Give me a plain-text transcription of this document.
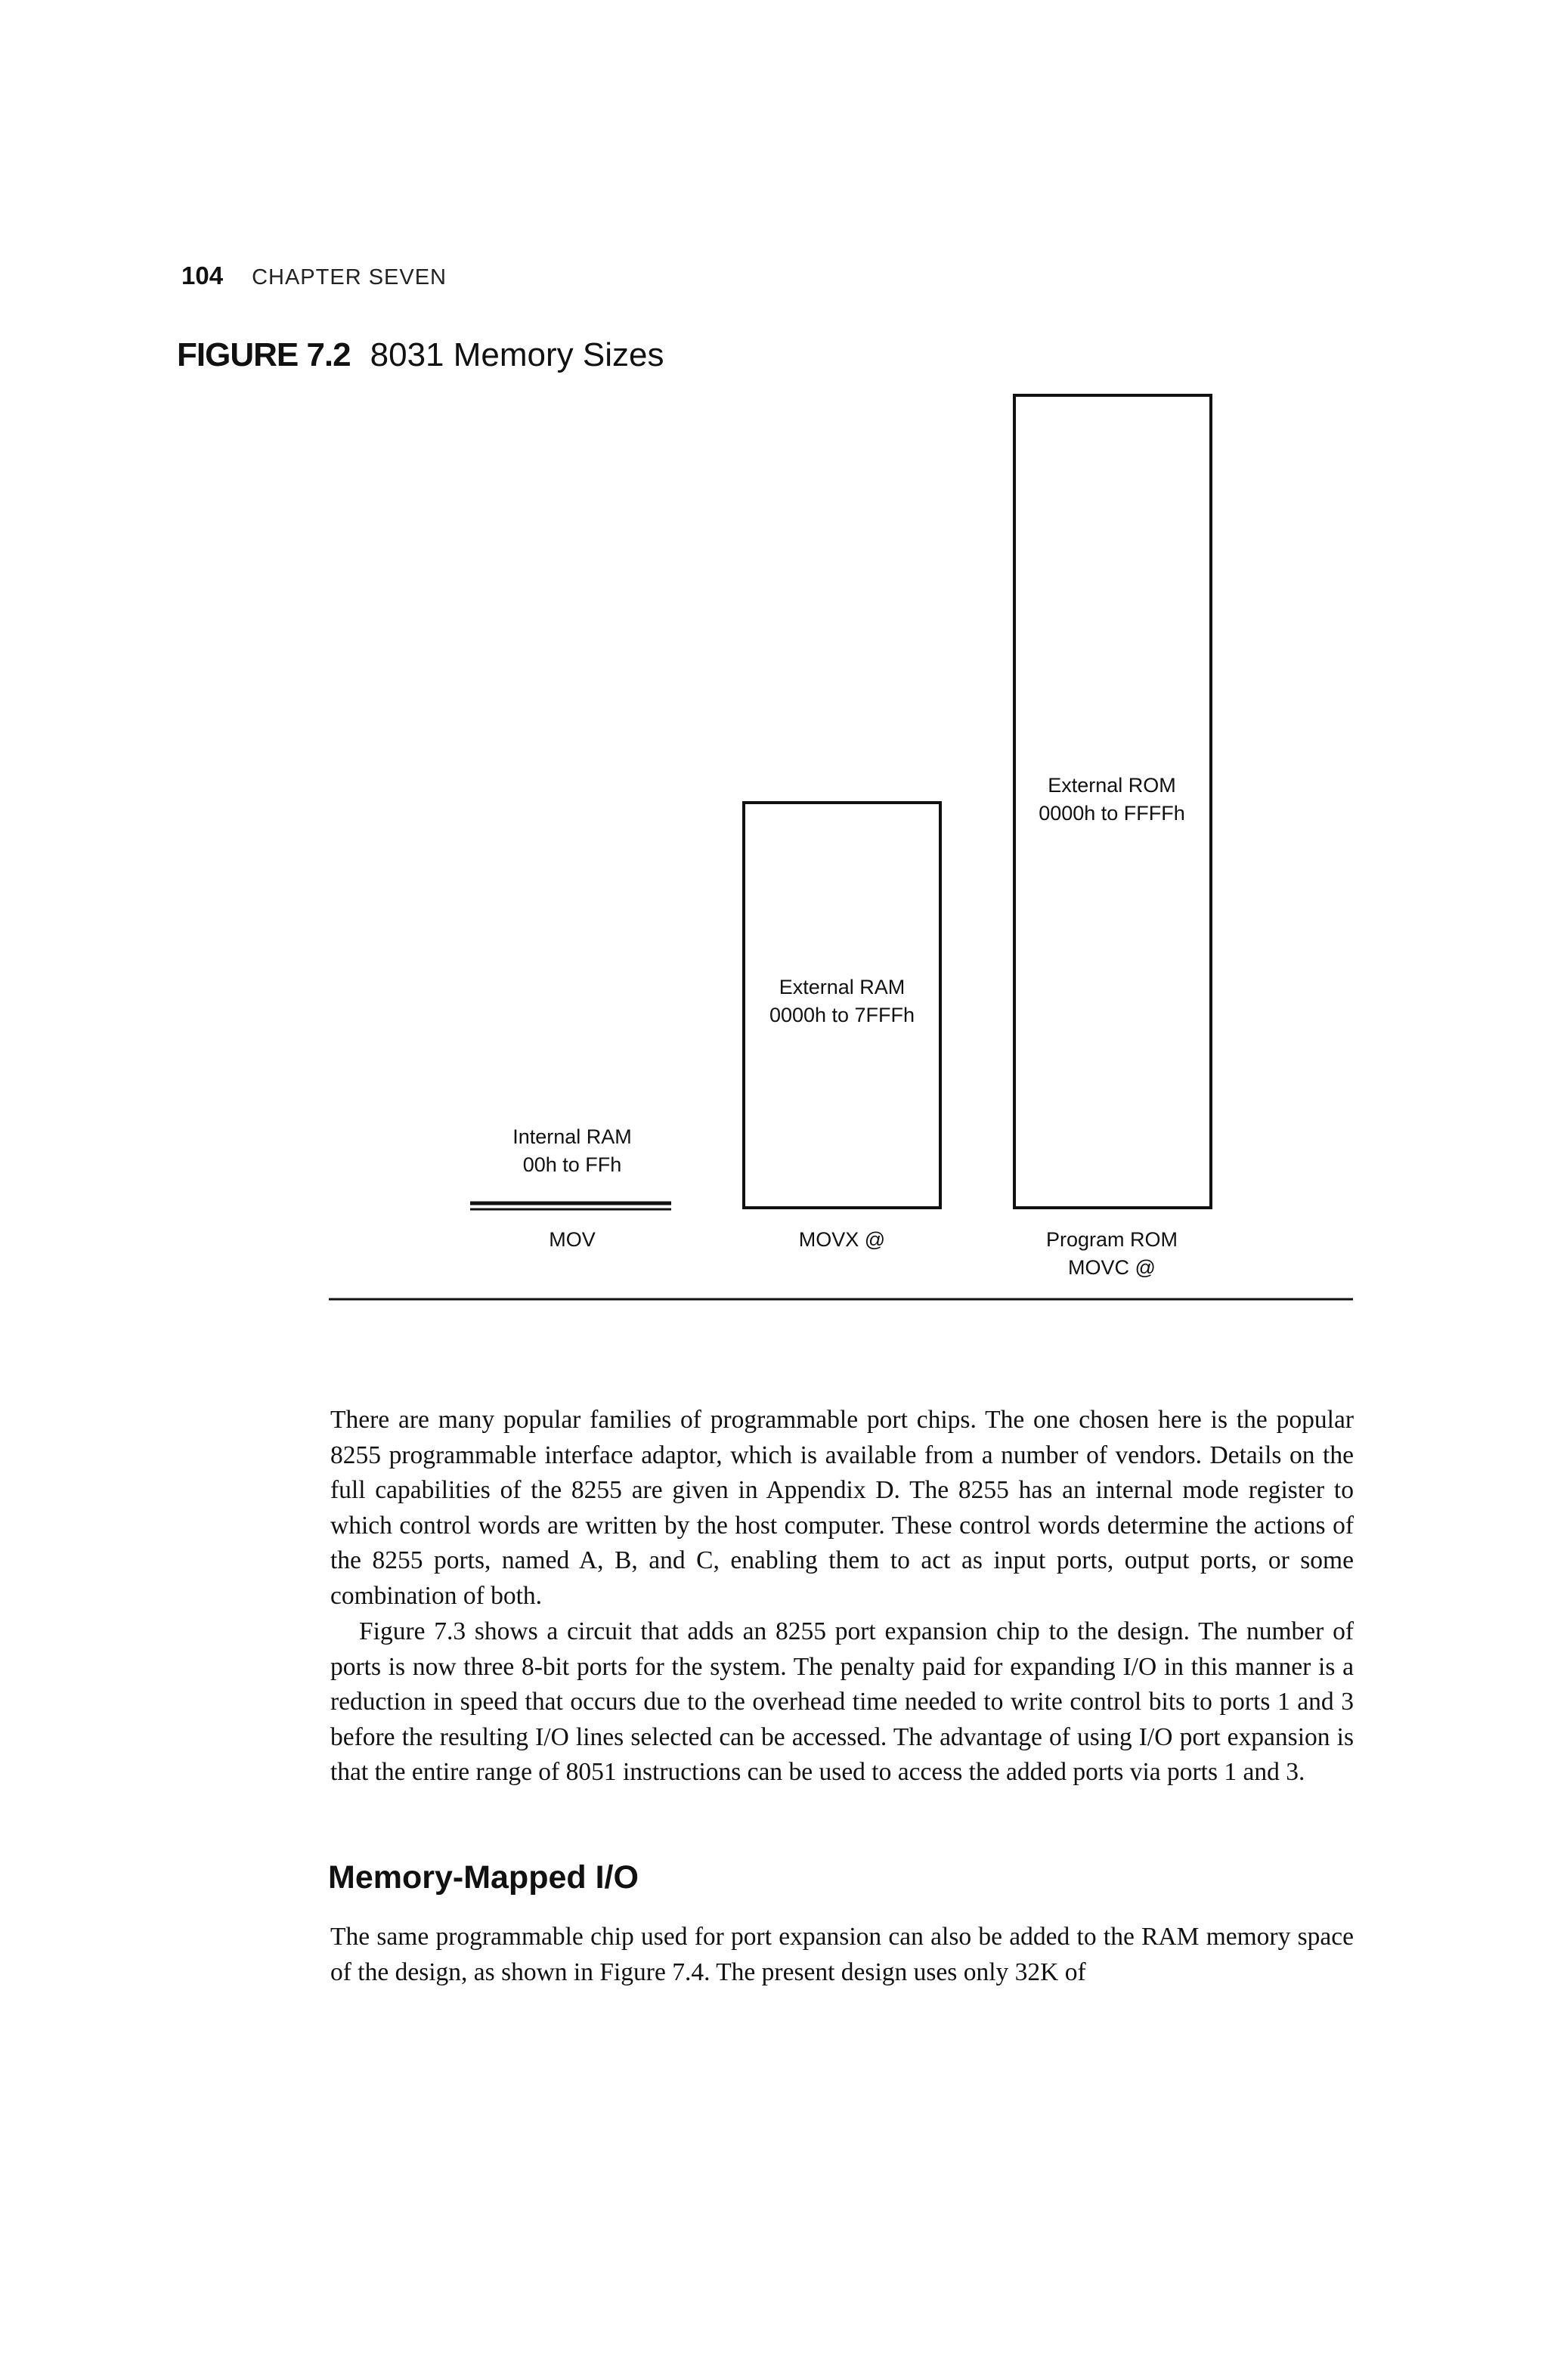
104 CHAPTER SEVEN
FIGURE 7.2 8031 Memory Sizes
External ROM
0000h to FFFFh
External RAM
0000h to 7FFFh
Internal RAM
00h to FFh
MOV	MOVX @	Program ROM
MOVC @

There are many popular families of programmable port chips. The one chosen here is the popular 8255 programmable interface adaptor, which is available from a number of vendors. Details on the full capabilities of the 8255 are given in Appendix D. The 8255 has an internal mode register to which control words are written by the host computer. These control words determine the actions of the 8255 ports, named A, B, and C, enabling them to act as input ports, output ports, or some combination of both.

Figure 7.3 shows a circuit that adds an 8255 port expansion chip to the design. The number of ports is now three 8-bit ports for the system. The penalty paid for expanding I/O in this manner is a reduction in speed that occurs due to the overhead time needed to write control bits to ports 1 and 3 before the resulting I/O lines selected can be accessed. The advantage of using I/O port expansion is that the entire range of 8051 instructions can be used to access the added ports via ports 1 and 3.

Memory-Mapped I/O

The same programmable chip used for port expansion can also be added to the RAM memory space of the design, as shown in Figure 7.4. The present design uses only 32K of
